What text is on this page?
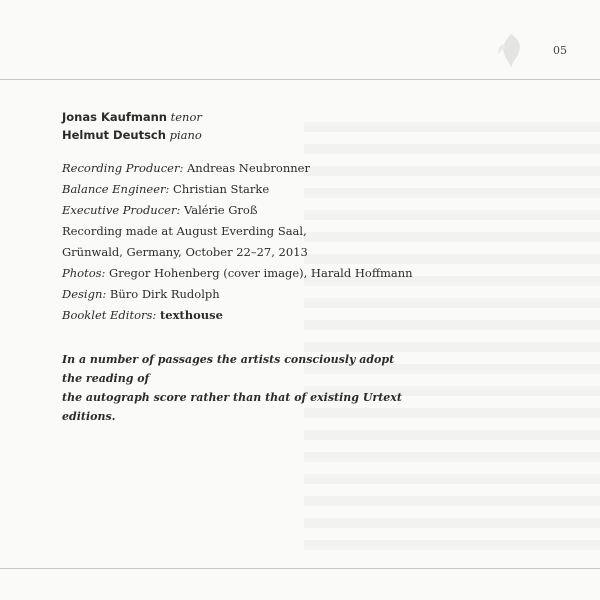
05
Jonas Kaufmann tenor
Helmut Deutsch piano
Recording Producer: Andreas Neubronner
Balance Engineer: Christian Starke
Executive Producer: Valérie Groß
Recording made at August Everding Saal,
Grünwald, Germany, October 22–27, 2013
Photos: Gregor Hohenberg (cover image), Harald Hoffmann
Design: Büro Dirk Rudolph
Booklet Editors: texthouse
In a number of passages the artists consciously adopt the reading of
the autograph score rather than that of existing Urtext editions.
